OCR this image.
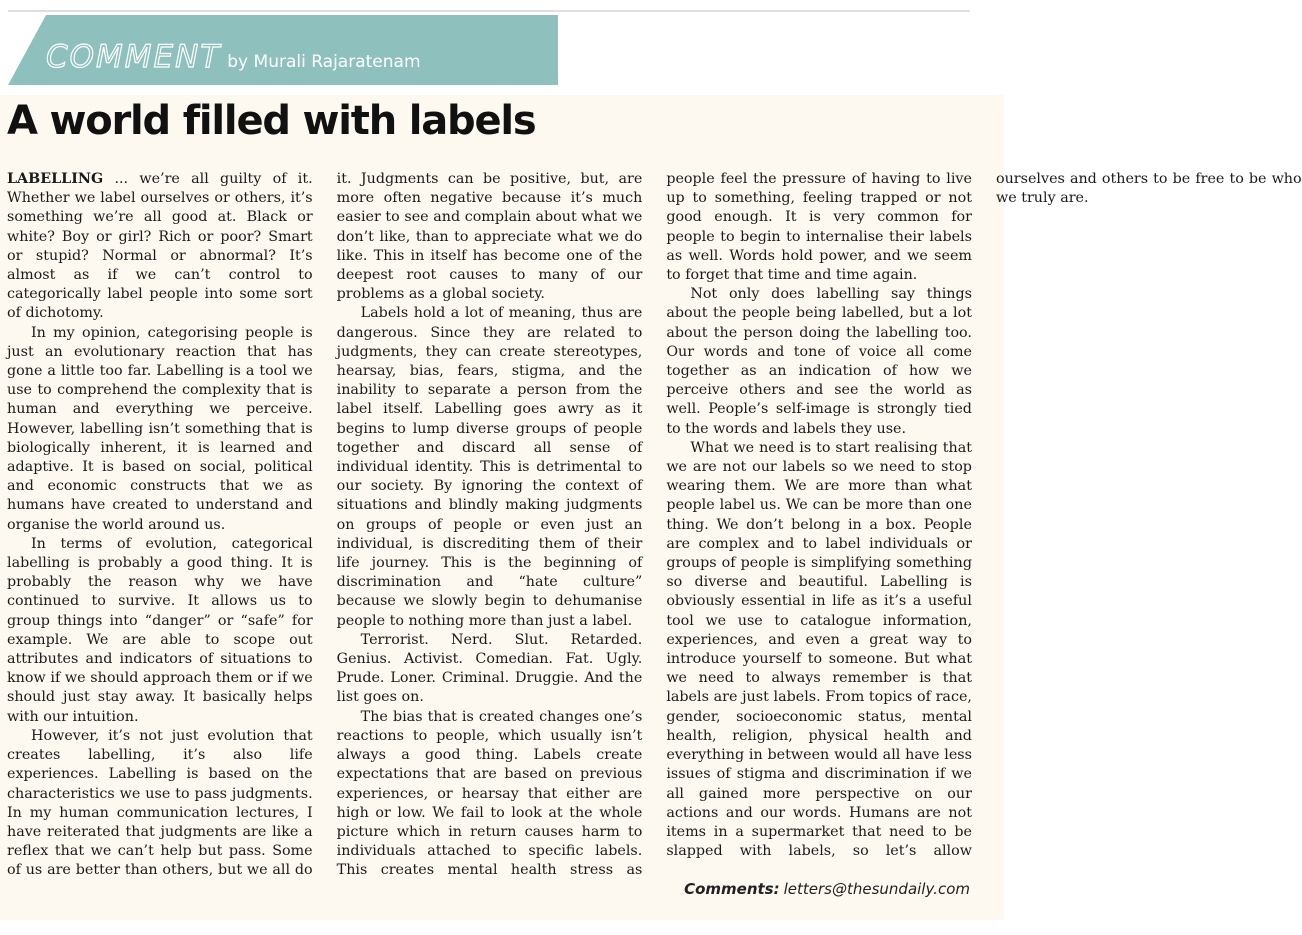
COMMENT by Murali Rajaratenam
A world filled with labels

LABELLING ... we’re all guilty of it. Whether we label ourselves or others, it’s something we’re all good at. Black or white? Boy or girl? Rich or poor? Smart or stupid? Normal or abnormal? It’s almost as if we can’t control to categorically label people into some sort of dichotomy.

In my opinion, categorising people is just an evolutionary reaction that has gone a little too far. Labelling is a tool we use to comprehend the complexity that is human and everything we perceive. However, labelling isn’t something that is biologically inherent, it is learned and adaptive. It is based on social, political and economic constructs that we as humans have created to understand and organise the world around us.

In terms of evolution, categorical labelling is probably a good thing. It is probably the reason why we have continued to survive. It allows us to group things into “danger” or “safe” for example. We are able to scope out attributes and indicators of situations to know if we should approach them or if we should just stay away. It basically helps with our intuition.

However, it’s not just evolution that creates labelling, it’s also life experiences. Labelling is based on the characteristics we use to pass judgments. In my human communication lectures, I have reiterated that judgments are like a reflex that we can’t help but pass. Some of us are better than others, but we all do it. Judgments can be positive, but, are more often negative because it’s much easier to see and complain about what we don’t like, than to appreciate what we do like. This in itself has become one of the deepest root causes to many of our problems as a global society.

Labels hold a lot of meaning, thus are dangerous. Since they are related to judgments, they can create stereotypes, hearsay, bias, fears, stigma, and the inability to separate a person from the label itself. Labelling goes awry as it begins to lump diverse groups of people together and discard all sense of individual identity. This is detrimental to our society. By ignoring the context of situations and blindly making judgments on groups of people or even just an individual, is discrediting them of their life journey. This is the beginning of discrimination and “hate culture” because we slowly begin to dehumanise people to nothing more than just a label.

Terrorist. Nerd. Slut. Retarded. Genius. Activist. Comedian. Fat. Ugly. Prude. Loner. Criminal. Druggie. And the list goes on.

The bias that is created changes one’s reactions to people, which usually isn’t always a good thing. Labels create expectations that are based on previous experiences, or hearsay that either are high or low. We fail to look at the whole picture which in return causes harm to individuals attached to specific labels. This creates mental health stress as people feel the pressure of having to live up to something, feeling trapped or not good enough. It is very common for people to begin to internalise their labels as well. Words hold power, and we seem to forget that time and time again.

Not only does labelling say things about the people being labelled, but a lot about the person doing the labelling too. Our words and tone of voice all come together as an indication of how we perceive others and see the world as well. People’s self-image is strongly tied to the words and labels they use.

What we need is to start realising that we are not our labels so we need to stop wearing them. We are more than what people label us. We can be more than one thing. We don’t belong in a box. People are complex and to label individuals or groups of people is simplifying something so diverse and beautiful. Labelling is obviously essential in life as it’s a useful tool we use to catalogue information, experiences, and even a great way to introduce yourself to someone. But what we need to always remember is that labels are just labels. From topics of race, gender, socioeconomic status, mental health, religion, physical health and everything in between would all have less issues of stigma and discrimination if we all gained more perspective on our actions and our words. Humans are not items in a supermarket that need to be slapped with labels, so let’s allow ourselves and others to be free to be who we truly are.

Comments: letters@thesundaily.com
